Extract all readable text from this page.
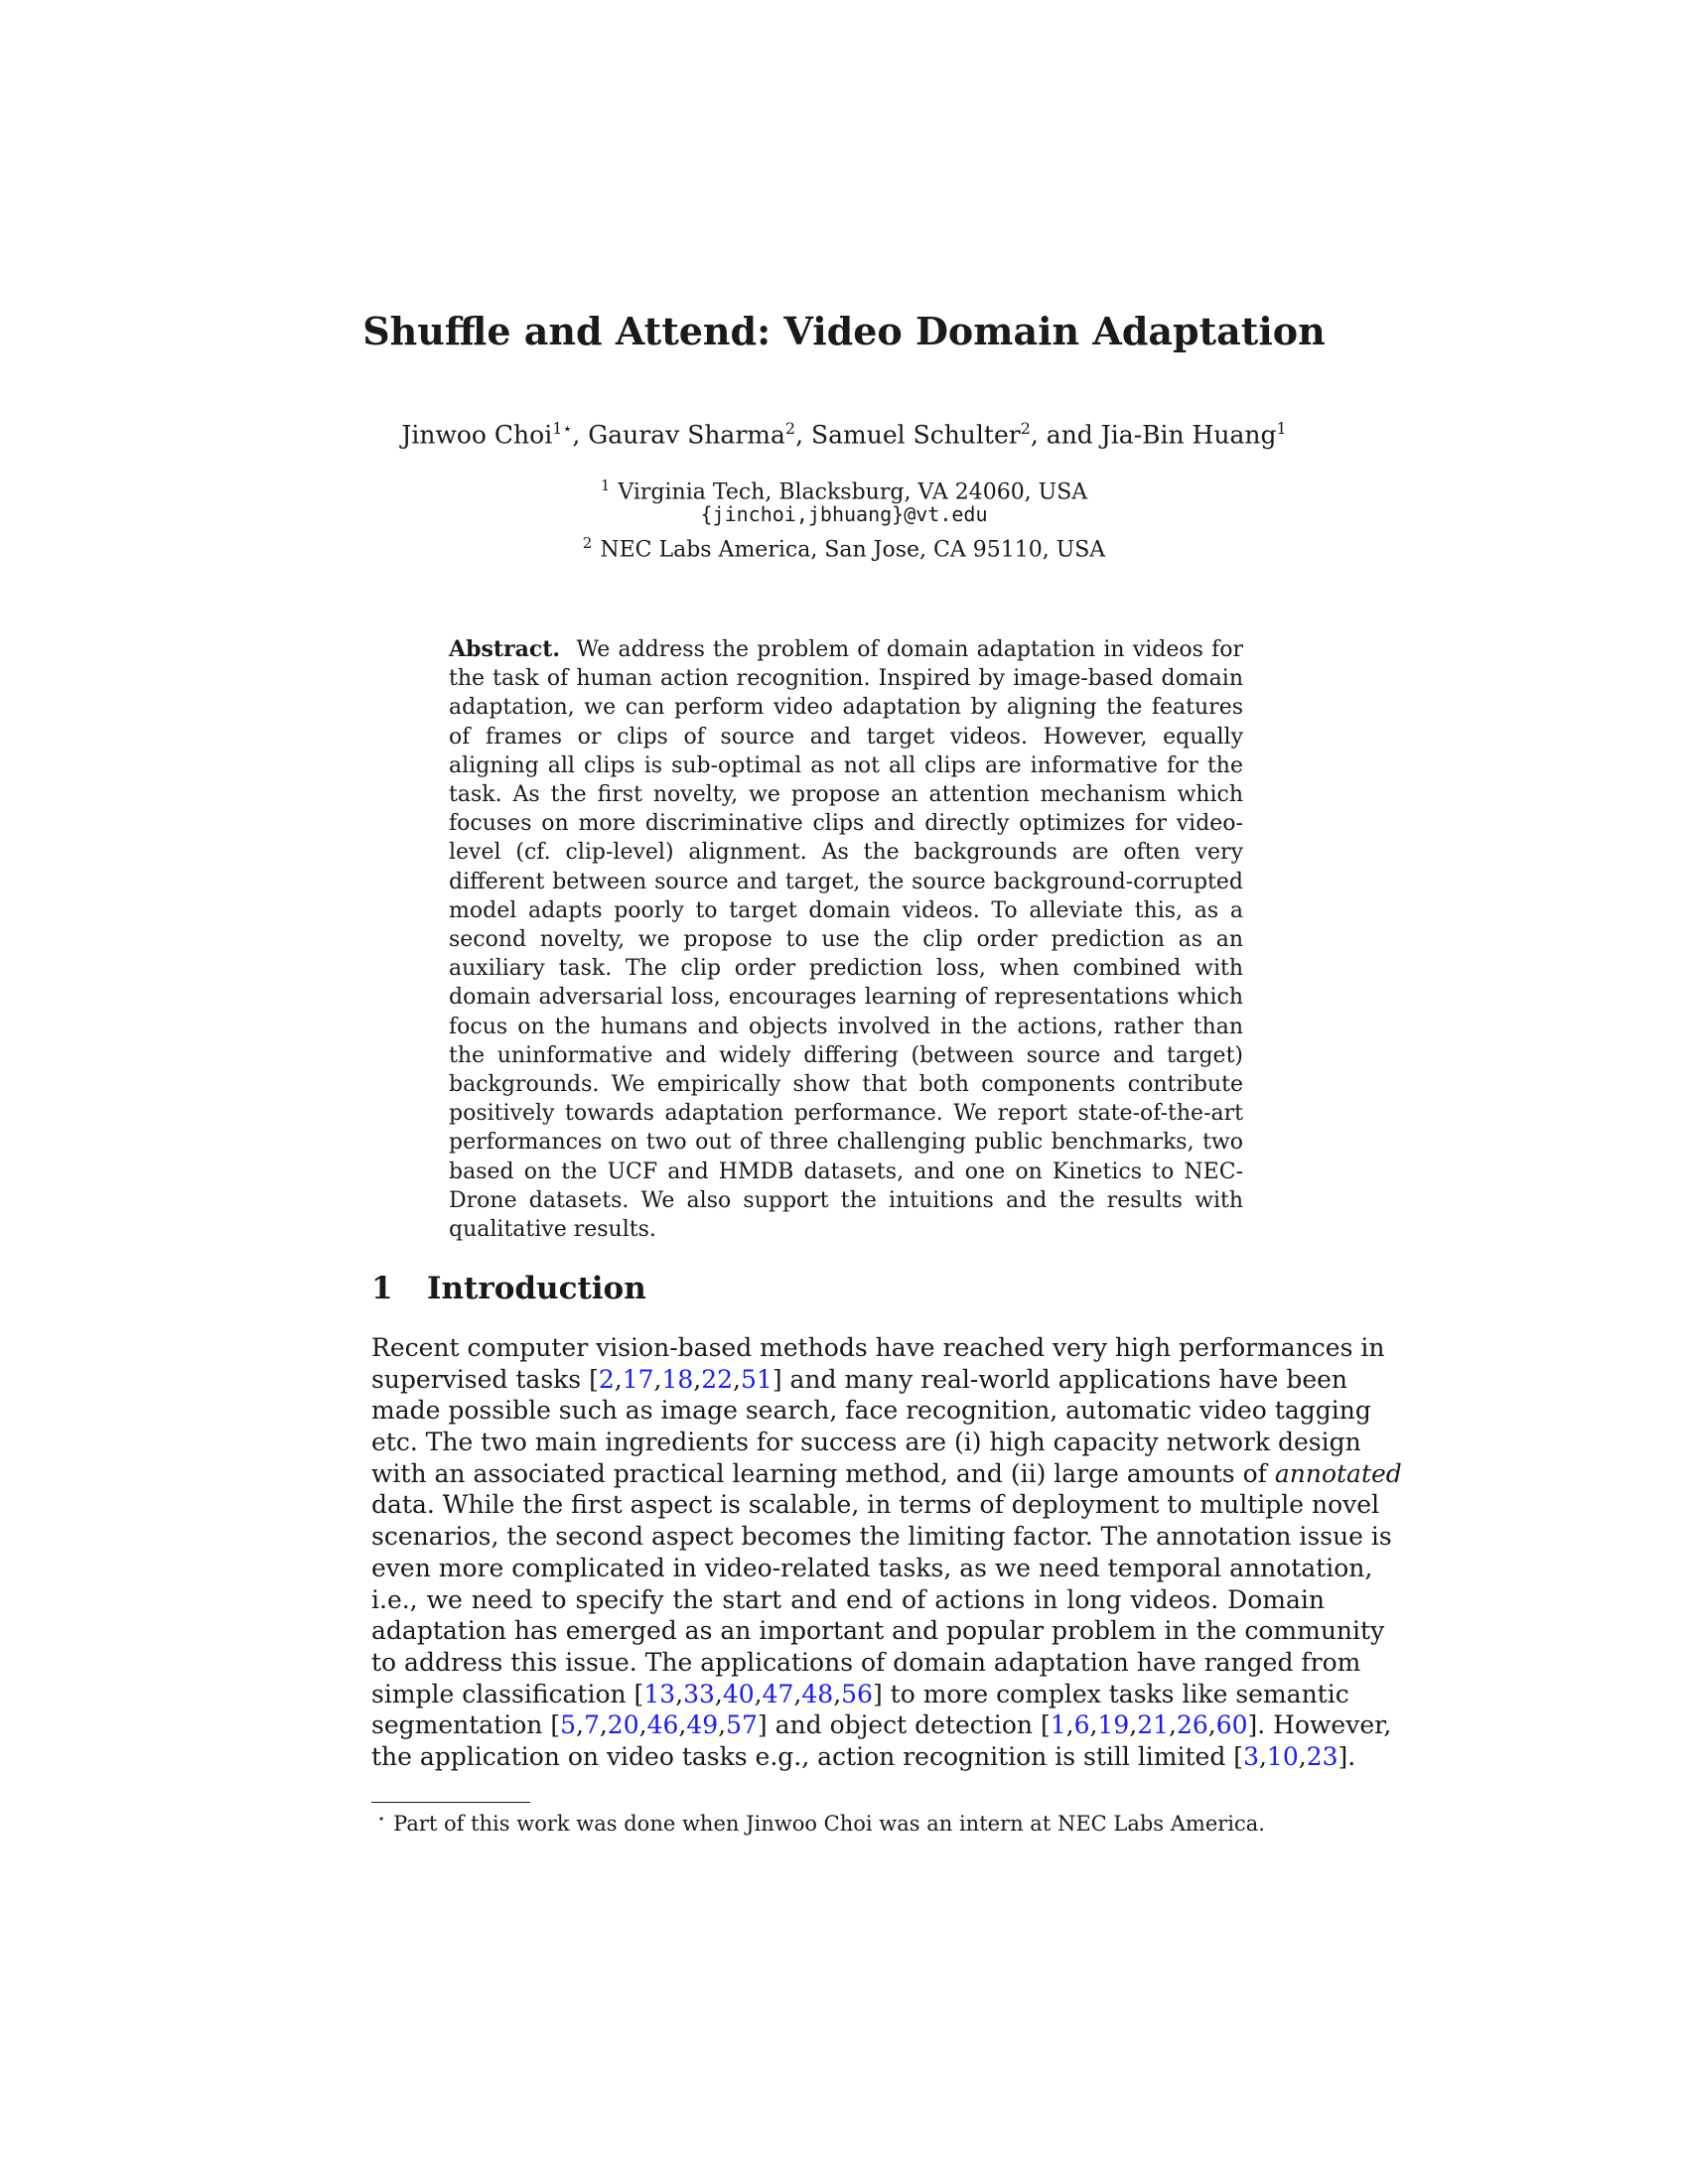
Shuffle and Attend: Video Domain Adaptation
Jinwoo Choi$^{1⋆}$, Gaurav Sharma$^2$, Samuel Schulter$^2$, and Jia-Bin Huang$^1$
$^1$ Virginia Tech, Blacksburg, VA 24060, USA
{jinchoi,jbhuang}@vt.edu
$^2$ NEC Labs America, San Jose, CA 95110, USA
Abstract. We address the problem of domain adaptation in videos for the task of human action recognition. Inspired by image-based domain adaptation, we can perform video adaptation by aligning the features of frames or clips of source and target videos. However, equally aligning all clips is sub-optimal as not all clips are informative for the task. As the first novelty, we propose an attention mechanism which focuses on more discriminative clips and directly optimizes for video-level (cf. clip-level) alignment. As the backgrounds are often very different between source and target, the source background-corrupted model adapts poorly to target domain videos. To alleviate this, as a second novelty, we propose to use the clip order prediction as an auxiliary task. The clip order prediction loss, when combined with domain adversarial loss, encourages learning of representations which focus on the humans and objects involved in the actions, rather than the uninformative and widely differing (between source and target) backgrounds. We empirically show that both components contribute positively towards adaptation performance. We report state-of-the-art performances on two out of three challenging public benchmarks, two based on the UCF and HMDB datasets, and one on Kinetics to NEC-Drone datasets. We also support the intuitions and the results with qualitative results.
1 Introduction
Recent computer vision-based methods have reached very high performances in
supervised tasks [2,17,18,22,51] and many real-world applications have been
made possible such as image search, face recognition, automatic video tagging
etc. The two main ingredients for success are (i) high capacity network design
with an associated practical learning method, and (ii) large amounts of annotated
data. While the first aspect is scalable, in terms of deployment to multiple novel
scenarios, the second aspect becomes the limiting factor. The annotation issue is
even more complicated in video-related tasks, as we need temporal annotation,
i.e., we need to specify the start and end of actions in long videos. Domain
adaptation has emerged as an important and popular problem in the community
to address this issue. The applications of domain adaptation have ranged from
simple classification [13,33,40,47,48,56] to more complex tasks like semantic
segmentation [5,7,20,46,49,57] and object detection [1,6,19,21,26,60]. However,
the application on video tasks e.g., action recognition is still limited [3,10,23].
⋆ Part of this work was done when Jinwoo Choi was an intern at NEC Labs America.
